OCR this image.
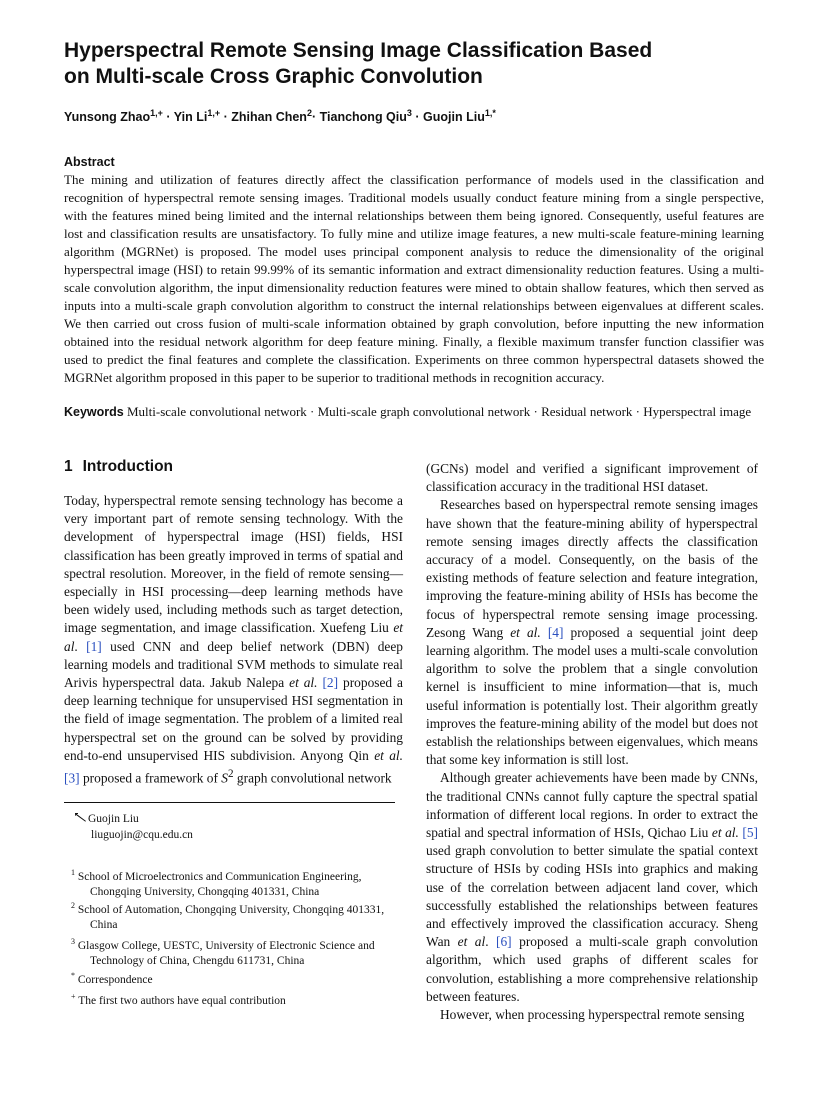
Hyperspectral Remote Sensing Image Classification Based
on Multi-scale Cross Graphic Convolution
Yunsong Zhao$^{1,+}$ · Yin $Li^{1,+}$ · Zhihan Chen$^2$· Tianchong Qiu$^3$ · Guojin Liu$^{1,*}$
Abstract
The mining and utilization of features directly affect the classification performance of models used in the classification and recognition of hyperspectral remote sensing images. Traditional models usually conduct feature mining from a single perspective, with the features mined being limited and the internal relationships between them being ignored. Consequently, useful features are lost and classification results are unsatisfactory. To fully mine and utilize image features, a new multi-scale feature-mining learning algorithm (MGRNet) is proposed. The model uses principal component analysis to reduce the dimensionality of the original hyperspectral image (HSI) to retain 99.99% of its semantic information and extract dimensionality reduction features. Using a multi-scale convolution algorithm, the input dimensionality reduction features were mined to obtain shallow features, which then served as inputs into a multi-scale graph convolution algorithm to construct the internal relationships between eigenvalues at different scales. We then carried out cross fusion of multi-scale information obtained by graph convolution, before inputting the new information obtained into the residual network algorithm for deep feature mining. Finally, a flexible maximum transfer function classifier was used to predict the final features and complete the classification. Experiments on three common hyperspectral datasets showed the MGRNet algorithm proposed in this paper to be superior to traditional methods in recognition accuracy.
Keywords Multi-scale convolutional network · Multi-scale graph convolutional network · Residual network · Hyperspectral image
1 Introduction

Today, hyperspectral remote sensing technology has become a very important part of remote sensing technology. With the development of hyperspectral image (HSI) fields, HSI classification has been greatly improved in terms of spatial and spectral resolution. Moreover, in the field of remote sensing—especially in HSI processing—deep learning methods have been widely used, including methods such as target detection, image segmentation, and image classification. Xuefeng Liu et al. [1] used CNN and deep belief network (DBN) deep learning models and traditional SVM methods to simulate real Arivis hyperspectral data. Jakub Nalepa et al. [2] proposed a deep learning technique for unsupervised HSI segmentation in the field of image segmentation. The problem of a limited real hyperspectral set on the ground can be solved by providing end-to-end unsupervised HIS subdivision. Anyong Qin et al. [3] proposed a framework of $S^2$ graph convolutional network

(GCNs) model and verified a significant improvement of classification accuracy in the traditional HSI dataset.

Researches based on hyperspectral remote sensing images have shown that the feature-mining ability of hyperspectral remote sensing images directly affects the classification accuracy of a model. Consequently, on the basis of the existing methods of feature selection and feature integration, improving the feature-mining ability of HSIs has become the focus of hyperspectral remote sensing image processing. Zesong Wang et al. [4] proposed a sequential joint deep learning algorithm. The model uses a multi-scale convolution algorithm to solve the problem that a single convolution kernel is insufficient to mine information—that is, much useful information is potentially lost. Their algorithm greatly improves the feature-mining ability of the model but does not establish the relationships between eigenvalues, which means that some key information is still lost.

Although greater achievements have been made by CNNs, the traditional CNNs cannot fully capture the spectral spatial information of different local regions. In order to extract the spatial and spectral information of HSIs, Qichao Liu et al. [5] used graph convolution to better simulate the spatial context structure of HSIs by coding HSIs into graphics and making use of the correlation between adjacent land cover, which successfully established the relationships between features and effectively improved the classification accuracy. Sheng Wan et al. [6] proposed a multi-scale graph convolution algorithm, which used graphs of different scales for convolution, establishing a more comprehensive relationship between features.

However, when processing hyperspectral remote sensing

Guojin Liu
liuguojin@cqu.edu.cn
$^1$ School of Microelectronics and Communication Engineering,
Chongqing University, Chongqing 401331, China
$^2$ School of Automation, Chongqing University, Chongqing 401331,
China
$^3$ Glasgow College, UESTC, University of Electronic Science and
Technology of China, Chengdu 611731, China
* Correspondence
+ The first two authors have equal contribution
